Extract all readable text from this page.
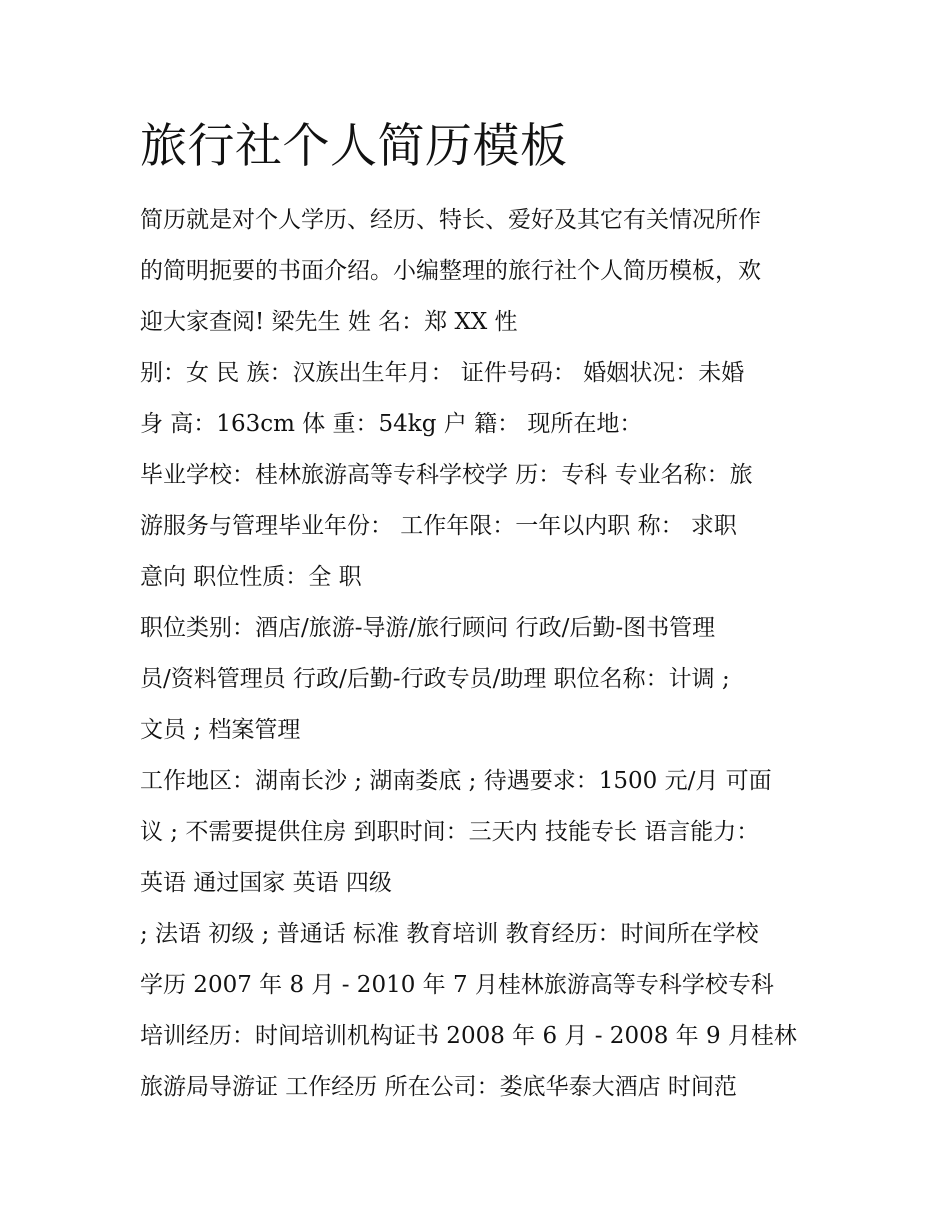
旅行社个人简历模板

简历就是对个人学历、经历、特长、爱好及其它有关情况所作

的简明扼要的书面介绍。小编整理的旅行社个人简历模板，欢

迎大家查阅! 梁先生 姓 名：郑 XX 性

别：女 民 族：汉族出生年月： 证件号码： 婚姻状况：未婚

身 高：163cm 体 重：54kg 户 籍： 现所在地：

毕业学校：桂林旅游高等专科学校学 历：专科 专业名称：旅

游服务与管理毕业年份： 工作年限：一年以内职 称： 求职

意向 职位性质：全 职

职位类别：酒店/旅游-导游/旅行顾问 行政/后勤-图书管理

员/资料管理员 行政/后勤-行政专员/助理 职位名称：计调 ;

文员 ; 档案管理

工作地区：湖南长沙 ; 湖南娄底 ; 待遇要求：1500 元/月 可面

议 ; 不需要提供住房 到职时间：三天内 技能专长 语言能力：

英语 通过国家 英语 四级

; 法语 初级 ; 普通话 标准 教育培训 教育经历：时间所在学校

学历 2007 年 8 月 - 2010 年 7 月桂林旅游高等专科学校专科

培训经历：时间培训机构证书 2008 年 6 月 - 2008 年 9 月桂林

旅游局导游证 工作经历 所在公司：娄底华泰大酒店 时间范
